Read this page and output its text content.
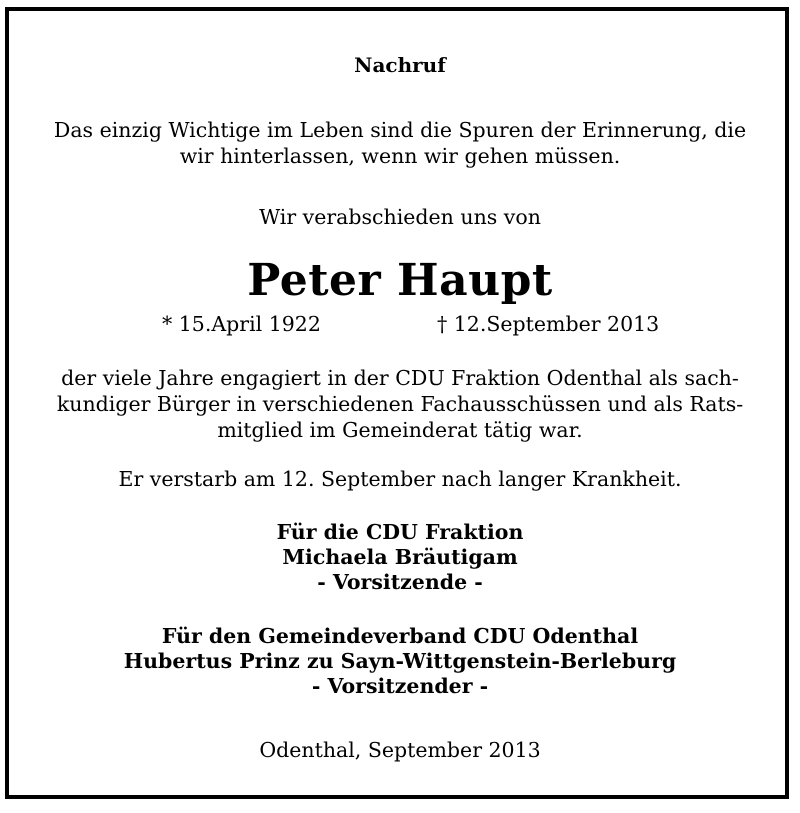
Nachruf
Das einzig Wichtige im Leben sind die Spuren der Erinnerung, die
wir hinterlassen, wenn wir gehen müssen.
Wir verabschieden uns von
Peter Haupt
* 15.April 1922	† 12.September 2013
der viele Jahre engagiert in der CDU Fraktion Odenthal als sach-
kundiger Bürger in verschiedenen Fachausschüssen und als Rats-
mitglied im Gemeinderat tätig war.
Er verstarb am 12. September nach langer Krankheit.
Für die CDU Fraktion
Michaela Bräutigam
- Vorsitzende -
Für den Gemeindeverband CDU Odenthal
Hubertus Prinz zu Sayn-Wittgenstein-Berleburg
- Vorsitzender -
Odenthal, September 2013
